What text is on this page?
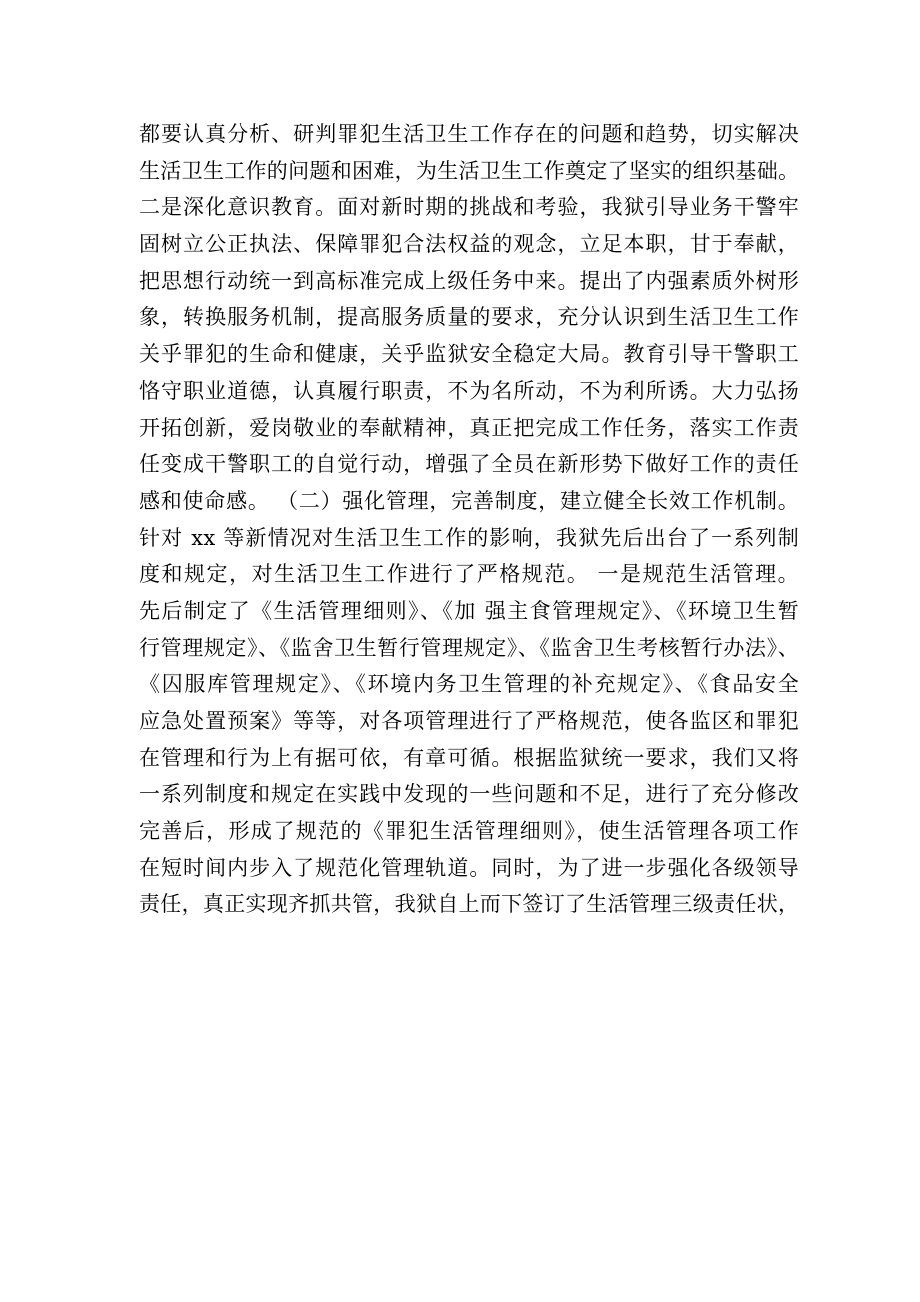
都要认真分析、研判罪犯生活卫生工作存在的问题和趋势，切实解决
生活卫生工作的问题和困难，为生活卫生工作奠定了坚实的组织基础。
二是深化意识教育。面对新时期的挑战和考验，我狱引导业务干警牢
固树立公正执法、保障罪犯合法权益的观念，立足本职，甘于奉献，
把思想行动统一到高标准完成上级任务中来。提出了内强素质外树形
象，转换服务机制，提高服务质量的要求，充分认识到生活卫生工作
关乎罪犯的生命和健康，关乎监狱安全稳定大局。教育引导干警职工
恪守职业道德，认真履行职责，不为名所动，不为利所诱。大力弘扬
开拓创新，爱岗敬业的奉献精神，真正把完成工作任务，落实工作责
任变成干警职工的自觉行动，增强了全员在新形势下做好工作的责任
感和使命感。 （二）强化管理，完善制度，建立健全长效工作机制。
针对 xx 等新情况对生活卫生工作的影响，我狱先后出台了一系列制
度和规定，对生活卫生工作进行了严格规范。 一是规范生活管理。
先后制定了《生活管理细则》、《加 强主食管理规定》、《环境卫生暂
行管理规定》、《监舍卫生暂行管理规定》、《监舍卫生考核暂行办法》、
《囚服库管理规定》、《环境内务卫生管理的补充规定》、《食品安全
应急处置预案》等等，对各项管理进行了严格规范，使各监区和罪犯
在管理和行为上有据可依，有章可循。根据监狱统一要求，我们又将
一系列制度和规定在实践中发现的一些问题和不足，进行了充分修改
完善后，形成了规范的《罪犯生活管理细则》，使生活管理各项工作
在短时间内步入了规范化管理轨道。同时，为了进一步强化各级领导
责任，真正实现齐抓共管，我狱自上而下签订了生活管理三级责任状，
